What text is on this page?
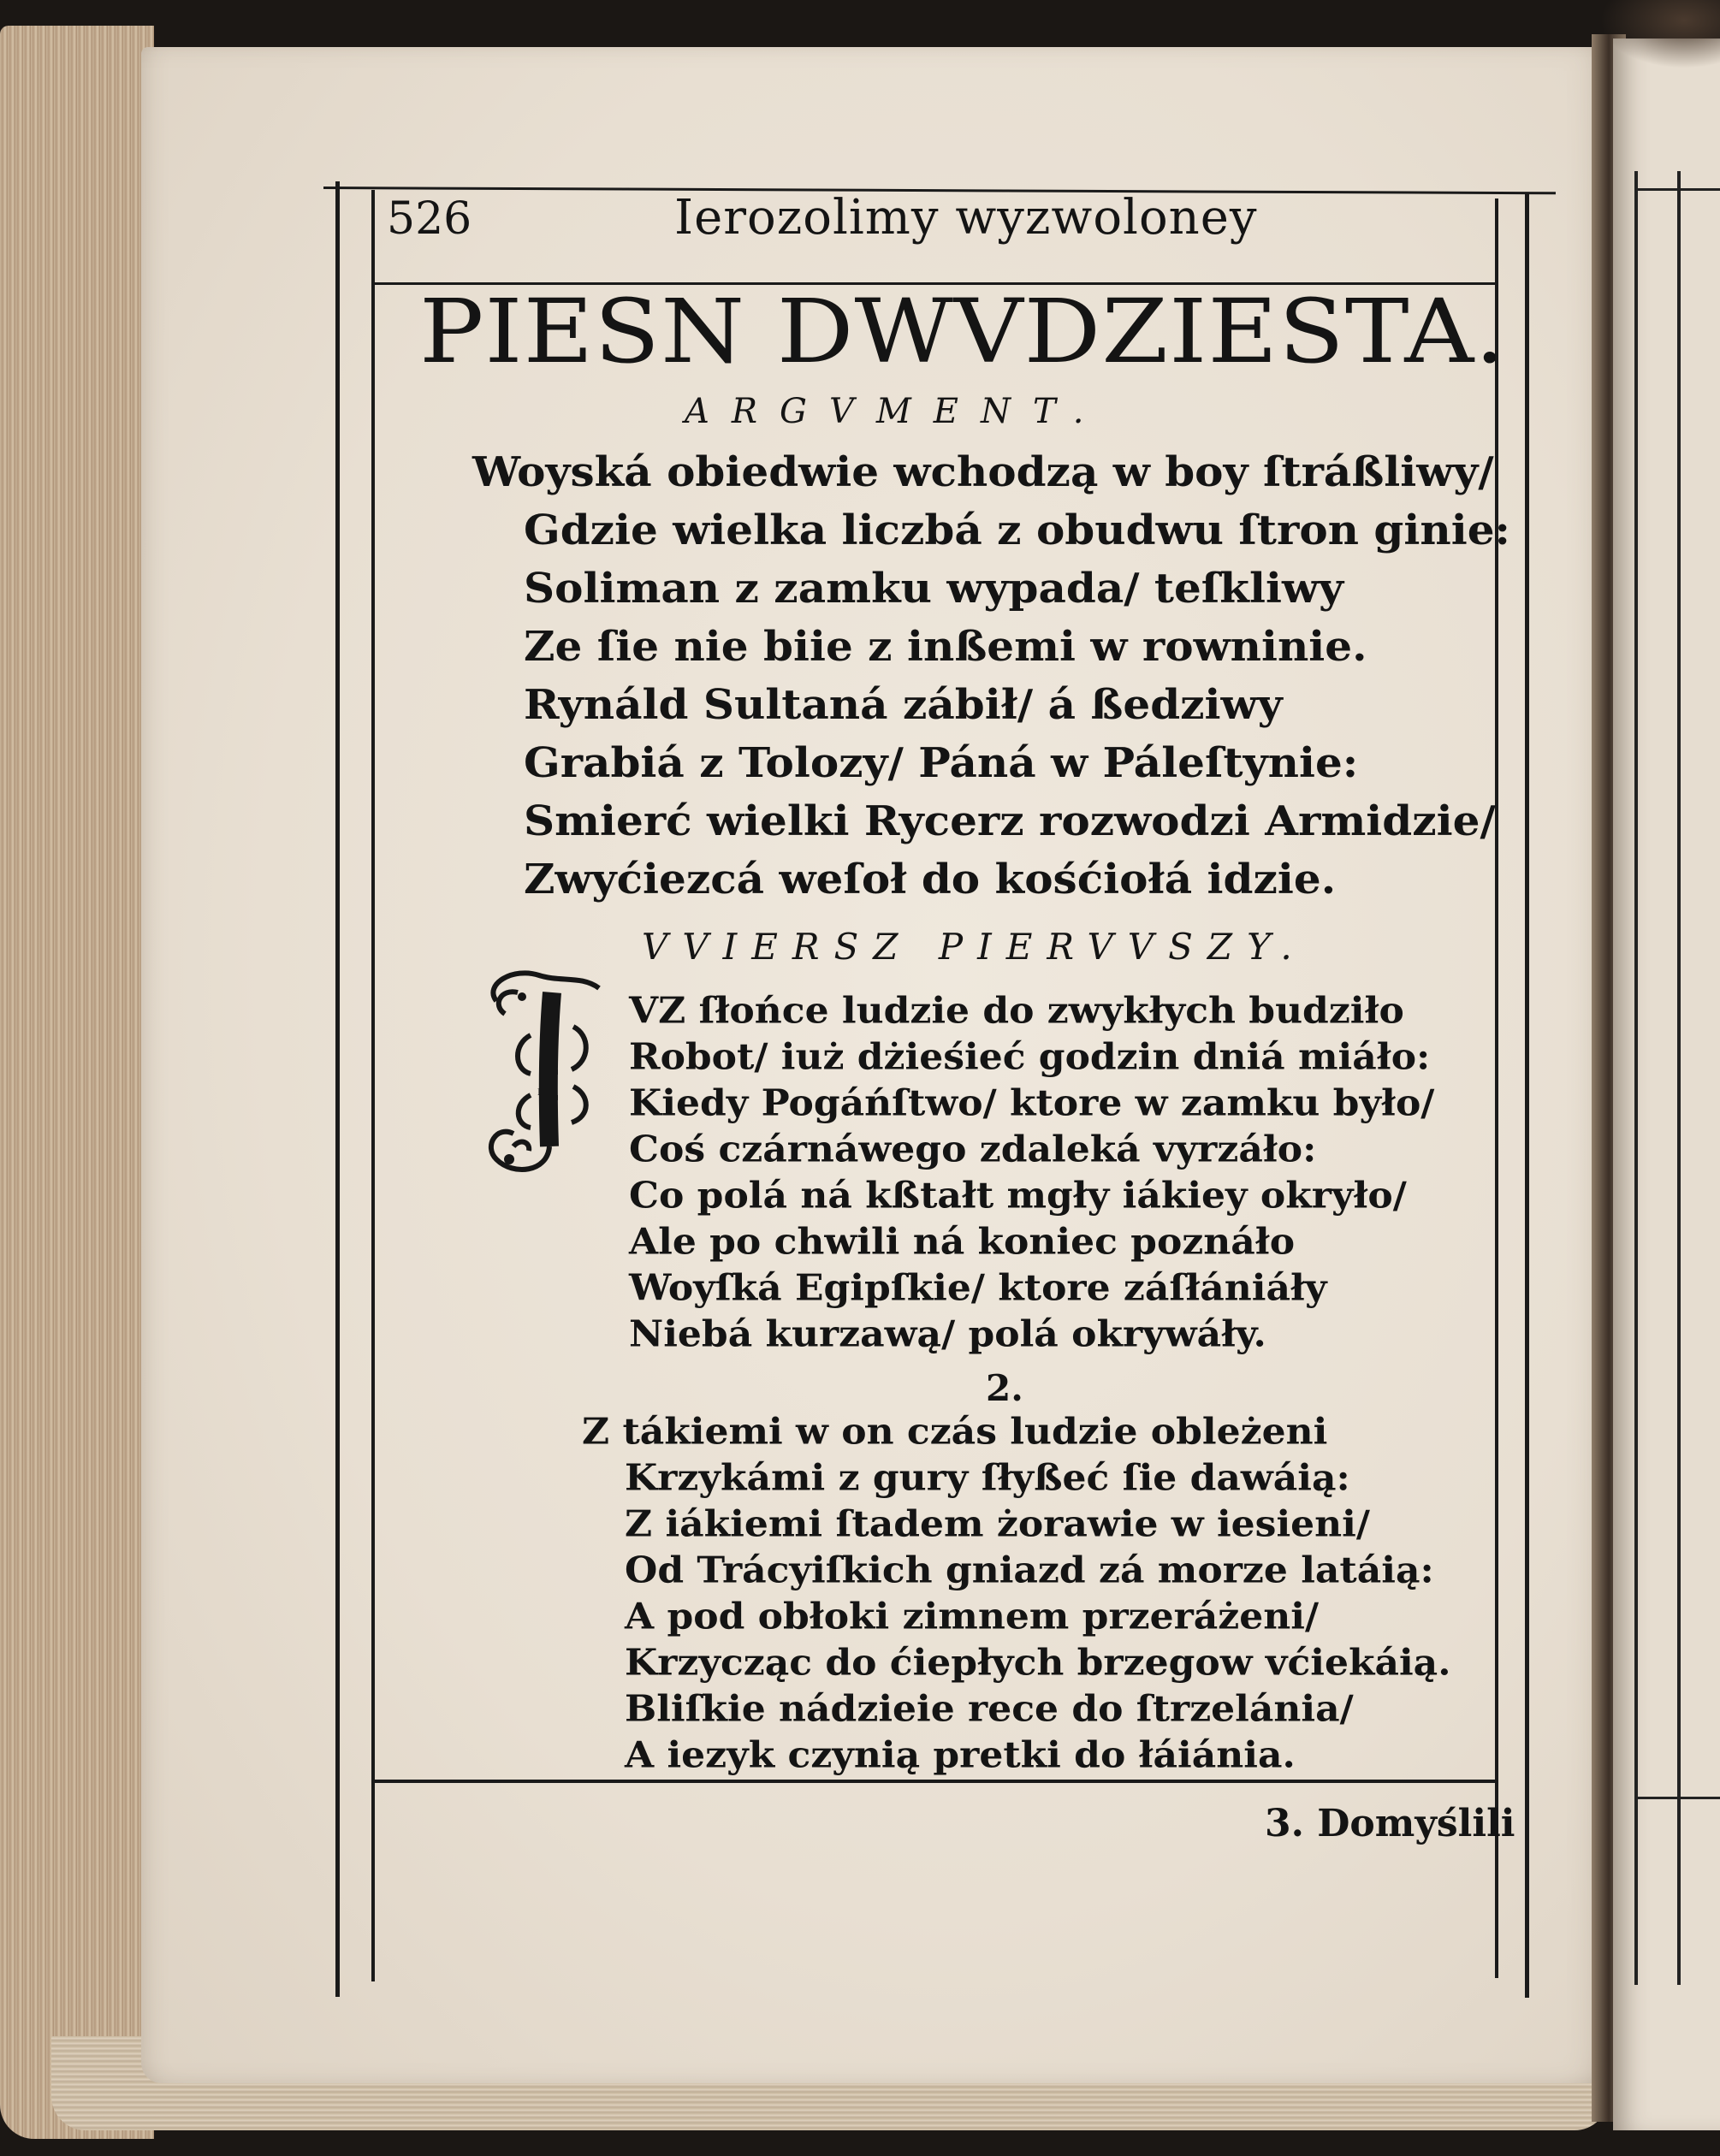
526	Ierozolimy wyzwoloney

PIESN DWVDZIESTA.

ARGVMENT.

Woyská obiedwie wchodzą w boy ſtráßliwy/

Gdzie wielka liczbá z obudwu ſtron ginie:

Soliman z zamku wypada/ teſkliwy

Ze ſie nie biie z inßemi w rowninie.

Rynáld Sultaná zábił/ á ßedziwy

Grabiá z Tolozy/ Páná w Páleſtynie:

Smierć wielki Rycerz rozwodzi Armidzie/

Zwyćiezcá weſoł do kośćiołá idzie.

VVIERSZ PIERVVSZY.

I

VZ ſłońce ludzie do zwykłych budziło

Robot/ iuż dżieśieć godzin dniá miáło:

Kiedy Pogáńſtwo/ ktore w zamku było/

Coś czárnáwego zdaleká vyrzáło:

Co polá ná kßtałt mgły iákiey okryło/

Ale po chwili ná koniec poznáło

Woyſká Egipſkie/ ktore záſłániáły

Niebá kurzawą/ polá okrywáły.

2.

Z tákiemi w on czás ludzie obleżeni

Krzykámi z gury ſłyßeć ſie dawáią:

Z iákiemi ſtadem żorawie w iesieni/

Od Trácyiſkich gniazd zá morze latáią:

A pod obłoki zimnem przeráżeni/

Krzycząc do ćiepłych brzegow vćiekáią.

Bliſkie nádzieie rece do ſtrzelánia/

A iezyk czynią pretki do łáiánia.

3. Domyślili
